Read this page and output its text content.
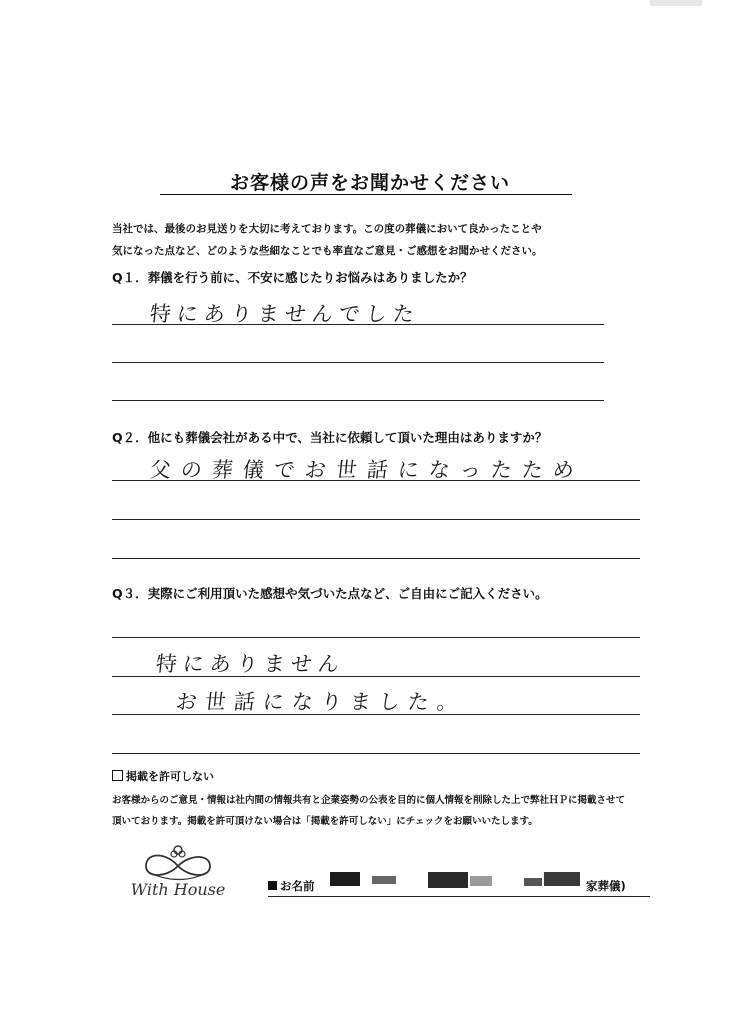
お客様の声をお聞かせください
当社では、最後のお見送りを大切に考えております。この度の葬儀において良かったことや
気になった点など、どのような些細なことでも率直なご意見・ご感想をお聞かせください。
Q１．葬儀を行う前に、不安に感じたりお悩みはありましたか？
特にありませんでした
Q２．他にも葬儀会社がある中で、当社に依頼して頂いた理由はありますか？
父の葬儀でお世話になったため
Q３．実際にご利用頂いた感想や気づいた点など、ご自由にご記入ください。
特にありません
お世話になりました。
掲載を許可しない
お客様からのご意見・情報は社内間の情報共有と企業姿勢の公表を目的に個人情報を削除した上で弊社ＨＰに掲載させて
頂いております。掲載を許可頂けない場合は「掲載を許可しない」にチェックをお願いいたします。
With House	お名前	家葬儀)
